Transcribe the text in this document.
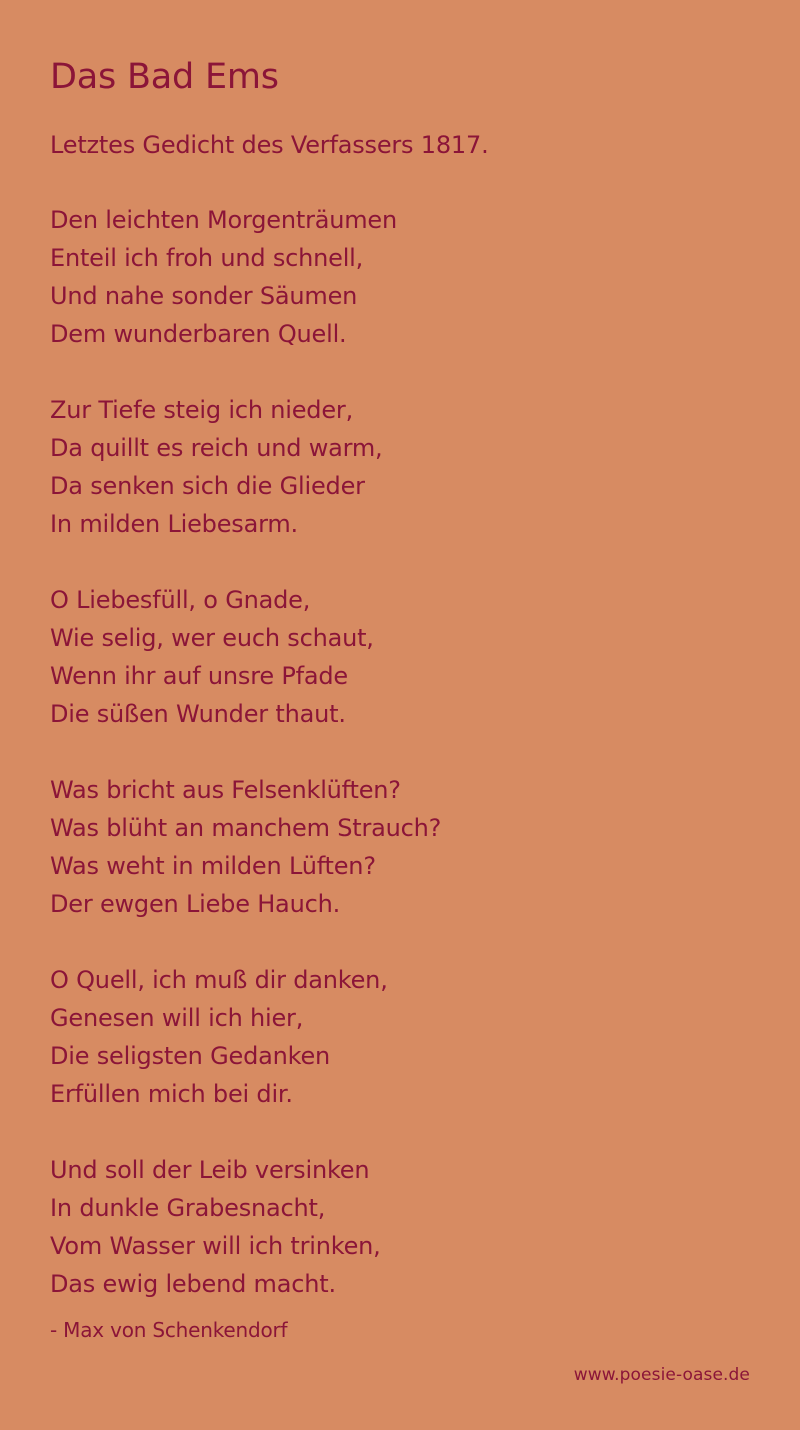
Das Bad Ems

Letztes Gedicht des Verfassers 1817.

Den leichten Morgenträumen
Enteil ich froh und schnell,
Und nahe sonder Säumen
Dem wunderbaren Quell.
Zur Tiefe steig ich nieder,
Da quillt es reich und warm,
Da senken sich die Glieder
In milden Liebesarm.
O Liebesfüll, o Gnade,
Wie selig, wer euch schaut,
Wenn ihr auf unsre Pfade
Die süßen Wunder thaut.
Was bricht aus Felsenklüften?
Was blüht an manchem Strauch?
Was weht in milden Lüften?
Der ewgen Liebe Hauch.
O Quell, ich muß dir danken,
Genesen will ich hier,
Die seligsten Gedanken
Erfüllen mich bei dir.
Und soll der Leib versinken
In dunkle Grabesnacht,
Vom Wasser will ich trinken,
Das ewig lebend macht.
- Max von Schenkendorf
www.poesie-oase.de
